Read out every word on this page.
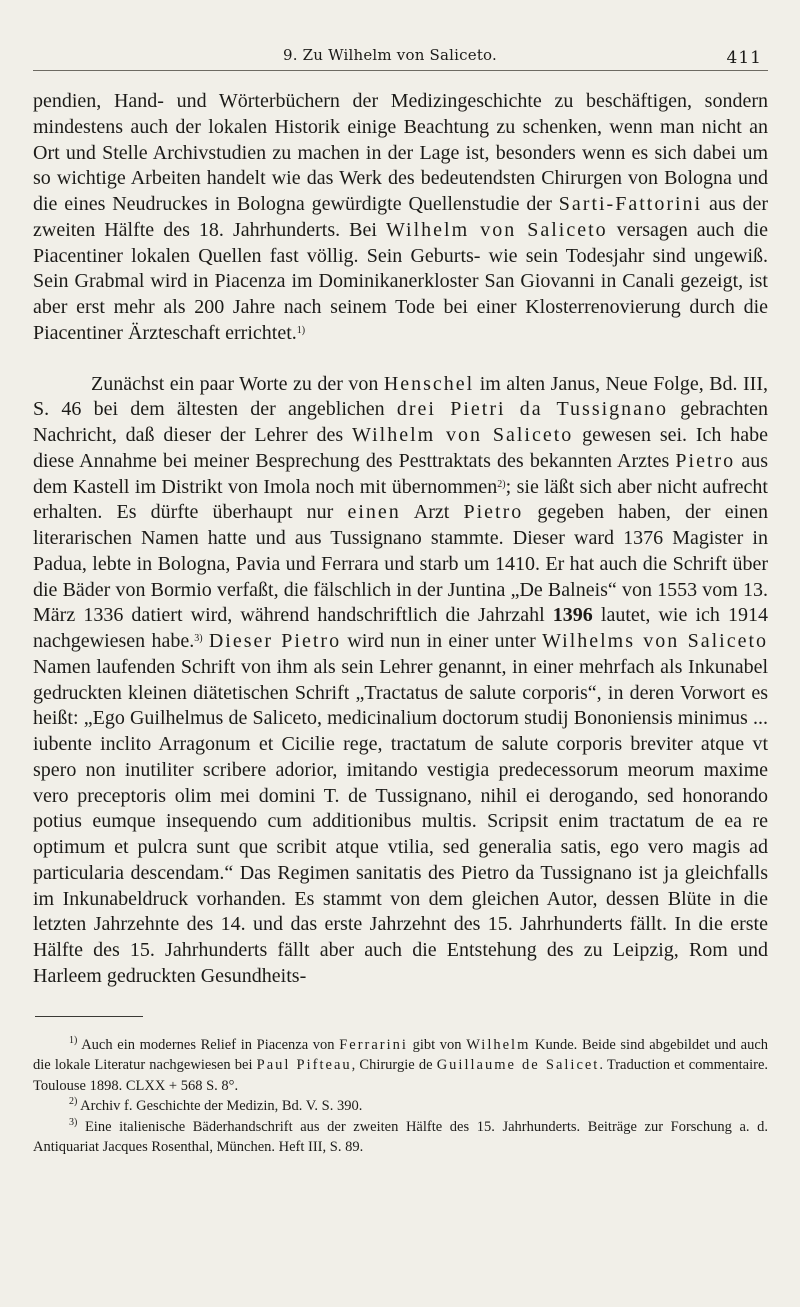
9. Zu Wilhelm von Saliceto.	411

pendien, Hand- und Wörterbüchern der Medizingeschichte zu beschäftigen, sondern mindestens auch der lokalen Historik einige Beachtung zu schenken, wenn man nicht an Ort und Stelle Archivstudien zu machen in der Lage ist, besonders wenn es sich dabei um so wichtige Arbeiten handelt wie das Werk des bedeutendsten Chirurgen von Bologna und die eines Neudruckes in Bologna gewürdigte Quellenstudie der Sarti-Fattorini aus der zweiten Hälfte des 18. Jahrhunderts. Bei Wilhelm von Saliceto versagen auch die Piacentiner lokalen Quellen fast völlig. Sein Geburts- wie sein Todesjahr sind ungewiß. Sein Grabmal wird in Piacenza im Dominikanerkloster San Giovanni in Canali gezeigt, ist aber erst mehr als 200 Jahre nach seinem Tode bei einer Klosterrenovierung durch die Piacentiner Ärzteschaft errichtet.$^{1)}$

Zunächst ein paar Worte zu der von Henschel im alten Janus, Neue Folge, Bd. III, S. 46 bei dem ältesten der angeblichen drei Pietri da Tussignano gebrachten Nachricht, daß dieser der Lehrer des Wilhelm von Saliceto gewesen sei. Ich habe diese Annahme bei meiner Besprechung des Pesttraktats des bekannten Arztes Pietro aus dem Kastell im Distrikt von Imola noch mit übernommen$^{2)}$; sie läßt sich aber nicht aufrecht erhalten. Es dürfte überhaupt nur einen Arzt Pietro gegeben haben, der einen literarischen Namen hatte und aus Tussignano stammte. Dieser ward 1376 Magister in Padua, lebte in Bologna, Pavia und Ferrara und starb um 1410. Er hat auch die Schrift über die Bäder von Bormio verfaßt, die fälschlich in der Juntina „De Balneis“ von 1553 vom 13. März 1336 datiert wird, während handschriftlich die Jahrzahl 1396 lautet, wie ich 1914 nachgewiesen habe.$^{3)}$ Dieser Pietro wird nun in einer unter Wilhelms von Saliceto Namen laufenden Schrift von ihm als sein Lehrer genannt, in einer mehrfach als Inkunabel gedruckten kleinen diätetischen Schrift „Tractatus de salute corporis“, in deren Vorwort es heißt: „Ego Guilhelmus de Saliceto, medicinalium doctorum studij Bononiensis minimus ... iubente inclito Arragonum et Cicilie rege, tractatum de salute corporis breviter atque vt spero non inutiliter scribere adorior, imitando vestigia predecessorum meorum maxime vero preceptoris olim mei domini T. de Tussignano, nihil ei derogando, sed honorando potius eumque insequendo cum additionibus multis. Scripsit enim tractatum de ea re optimum et pulcra sunt que scribit atque vtilia, sed generalia satis, ego vero magis ad particularia descendam.“ Das Regimen sanitatis des Pietro da Tussignano ist ja gleichfalls im Inkunabeldruck vorhanden. Es stammt von dem gleichen Autor, dessen Blüte in die letzten Jahrzehnte des 14. und das erste Jahrzehnt des 15. Jahrhunderts fällt. In die erste Hälfte des 15. Jahrhunderts fällt aber auch die Entstehung des zu Leipzig, Rom und Harleem gedruckten Gesundheits-

$^{1)}$ Auch ein modernes Relief in Piacenza von Ferrarini gibt von Wilhelm Kunde. Beide sind abgebildet und auch die lokale Literatur nachgewiesen bei Paul Pifteau, Chirurgie de Guillaume de Salicet. Traduction et commentaire. Toulouse 1898. CLXX + 568 S. 8°.

$^{2)}$ Archiv f. Geschichte der Medizin, Bd. V. S. 390.

$^{3)}$ Eine italienische Bäderhandschrift aus der zweiten Hälfte des 15. Jahrhunderts. Beiträge zur Forschung a. d. Antiquariat Jacques Rosenthal, München. Heft III, S. 89.
